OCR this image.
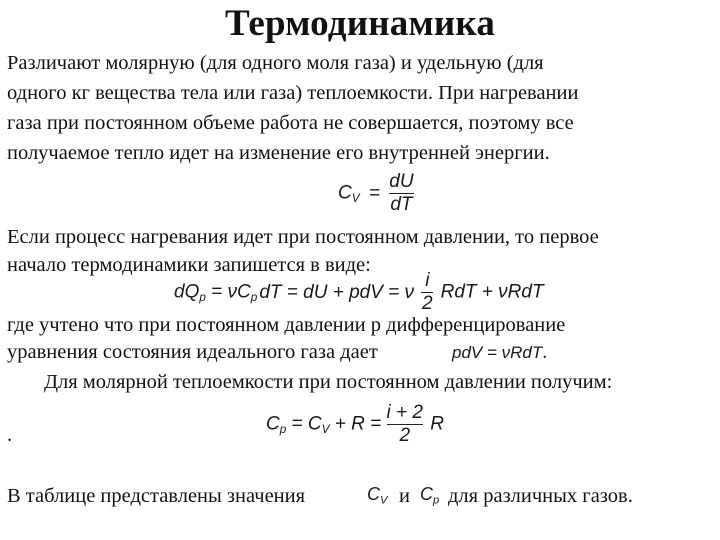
Термодинамика
Различают молярную (для одного моля газа) и удельную (для
одного кг вещества тела или газа) теплоемкости. При нагревании
газа при постоянном объеме работа не совершается, поэтому все
получаемое тепло идет на изменение его внутренней энергии.
$C_V = \frac{dU}{dT}$
Если процесс нагревания идет при постоянном давлении, то первое
начало термодинамики запишется в виде:
$dQ_p = \nu C_p$ dT = dU + pdV = ν $\frac{i}{2}$ RdT + νRdT
где учтено что при постоянном давлении р дифференцирование
уравнения состояния идеального газа дает	pdV = νRdT.
Для молярной теплоемкости при постоянном давлении получим:
.	$C_p = C_V + R = \frac{i + 2}{2}$ R
В таблице представлены значения	$C_V$ и $C_p$ для различных газов.
